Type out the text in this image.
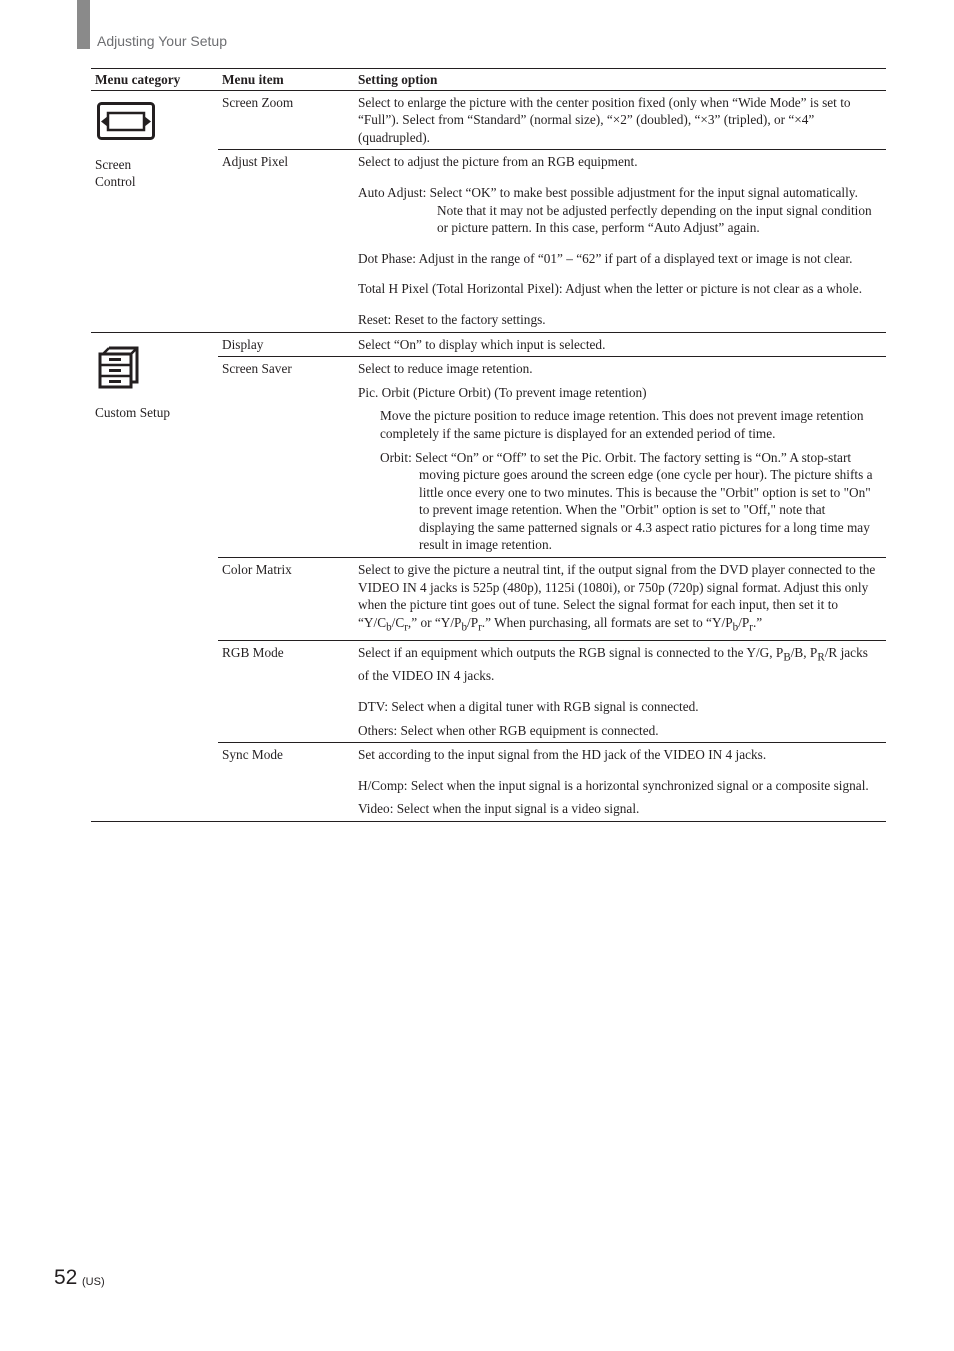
Adjusting Your Setup
Menu category	Menu item	Setting option

Screen
Control	Screen Zoom	Select to enlarge the picture with the center position fixed (only when “Wide Mode” is set to “Full”). Select from “Standard” (normal size), “×2” (doubled), “×3” (tripled), or “×4” (quadrupled).

	Adjust Pixel	Select to adjust the picture from an RGB equipment.

Auto Adjust: Select “OK” to make best possible adjustment for the input signal automatically. Note that it may not be adjusted perfectly depending on the input signal condition or picture pattern. In this case, perform “Auto Adjust” again.

Dot Phase: Adjust in the range of “01” – “62” if part of a displayed text or image is not clear.

Total H Pixel (Total Horizontal Pixel): Adjust when the letter or picture is not clear as a whole.

Reset: Reset to the factory settings.

Custom Setup	Display	Select “On” to display which input is selected.

	Screen Saver	Select to reduce image retention.

Pic. Orbit (Picture Orbit) (To prevent image retention)

Move the picture position to reduce image retention. This does not prevent image retention completely if the same picture is displayed for an extended period of time.

Orbit: Select “On” or “Off” to set the Pic. Orbit. The factory setting is “On.” A stop-start moving picture goes around the screen edge (one cycle per hour). The picture shifts a little once every one to two minutes. This is because the "Orbit" option is set to "On" to prevent image retention. When the "Orbit" option is set to "Off," note that displaying the same patterned signals or 4.3 aspect ratio pictures for a long time may result in image retention.

	Color Matrix	Select to give the picture a neutral tint, if the output signal from the DVD player connected to the VIDEO IN 4 jacks is 525p (480p), 1125i (1080i), or 750p (720p) signal format. Adjust this only when the picture tint goes out of tune. Select the signal format for each input, then set it to “$Y/C_b/C_r$,” or “$Y/P_b/P_r$.” When purchasing, all formats are set to “$Y/P_b/P_r$.”

	RGB Mode	Select if an equipment which outputs the RGB signal is connected to the Y/G, $P_B/B$, $P_R/R$ jacks of the VIDEO IN 4 jacks.

DTV: Select when a digital tuner with RGB signal is connected.

Others: Select when other RGB equipment is connected.

	Sync Mode	Set according to the input signal from the HD jack of the VIDEO IN 4 jacks.

H/Comp: Select when the input signal is a horizontal synchronized signal or a composite signal.

Video: Select when the input signal is a video signal.

52 (US)
